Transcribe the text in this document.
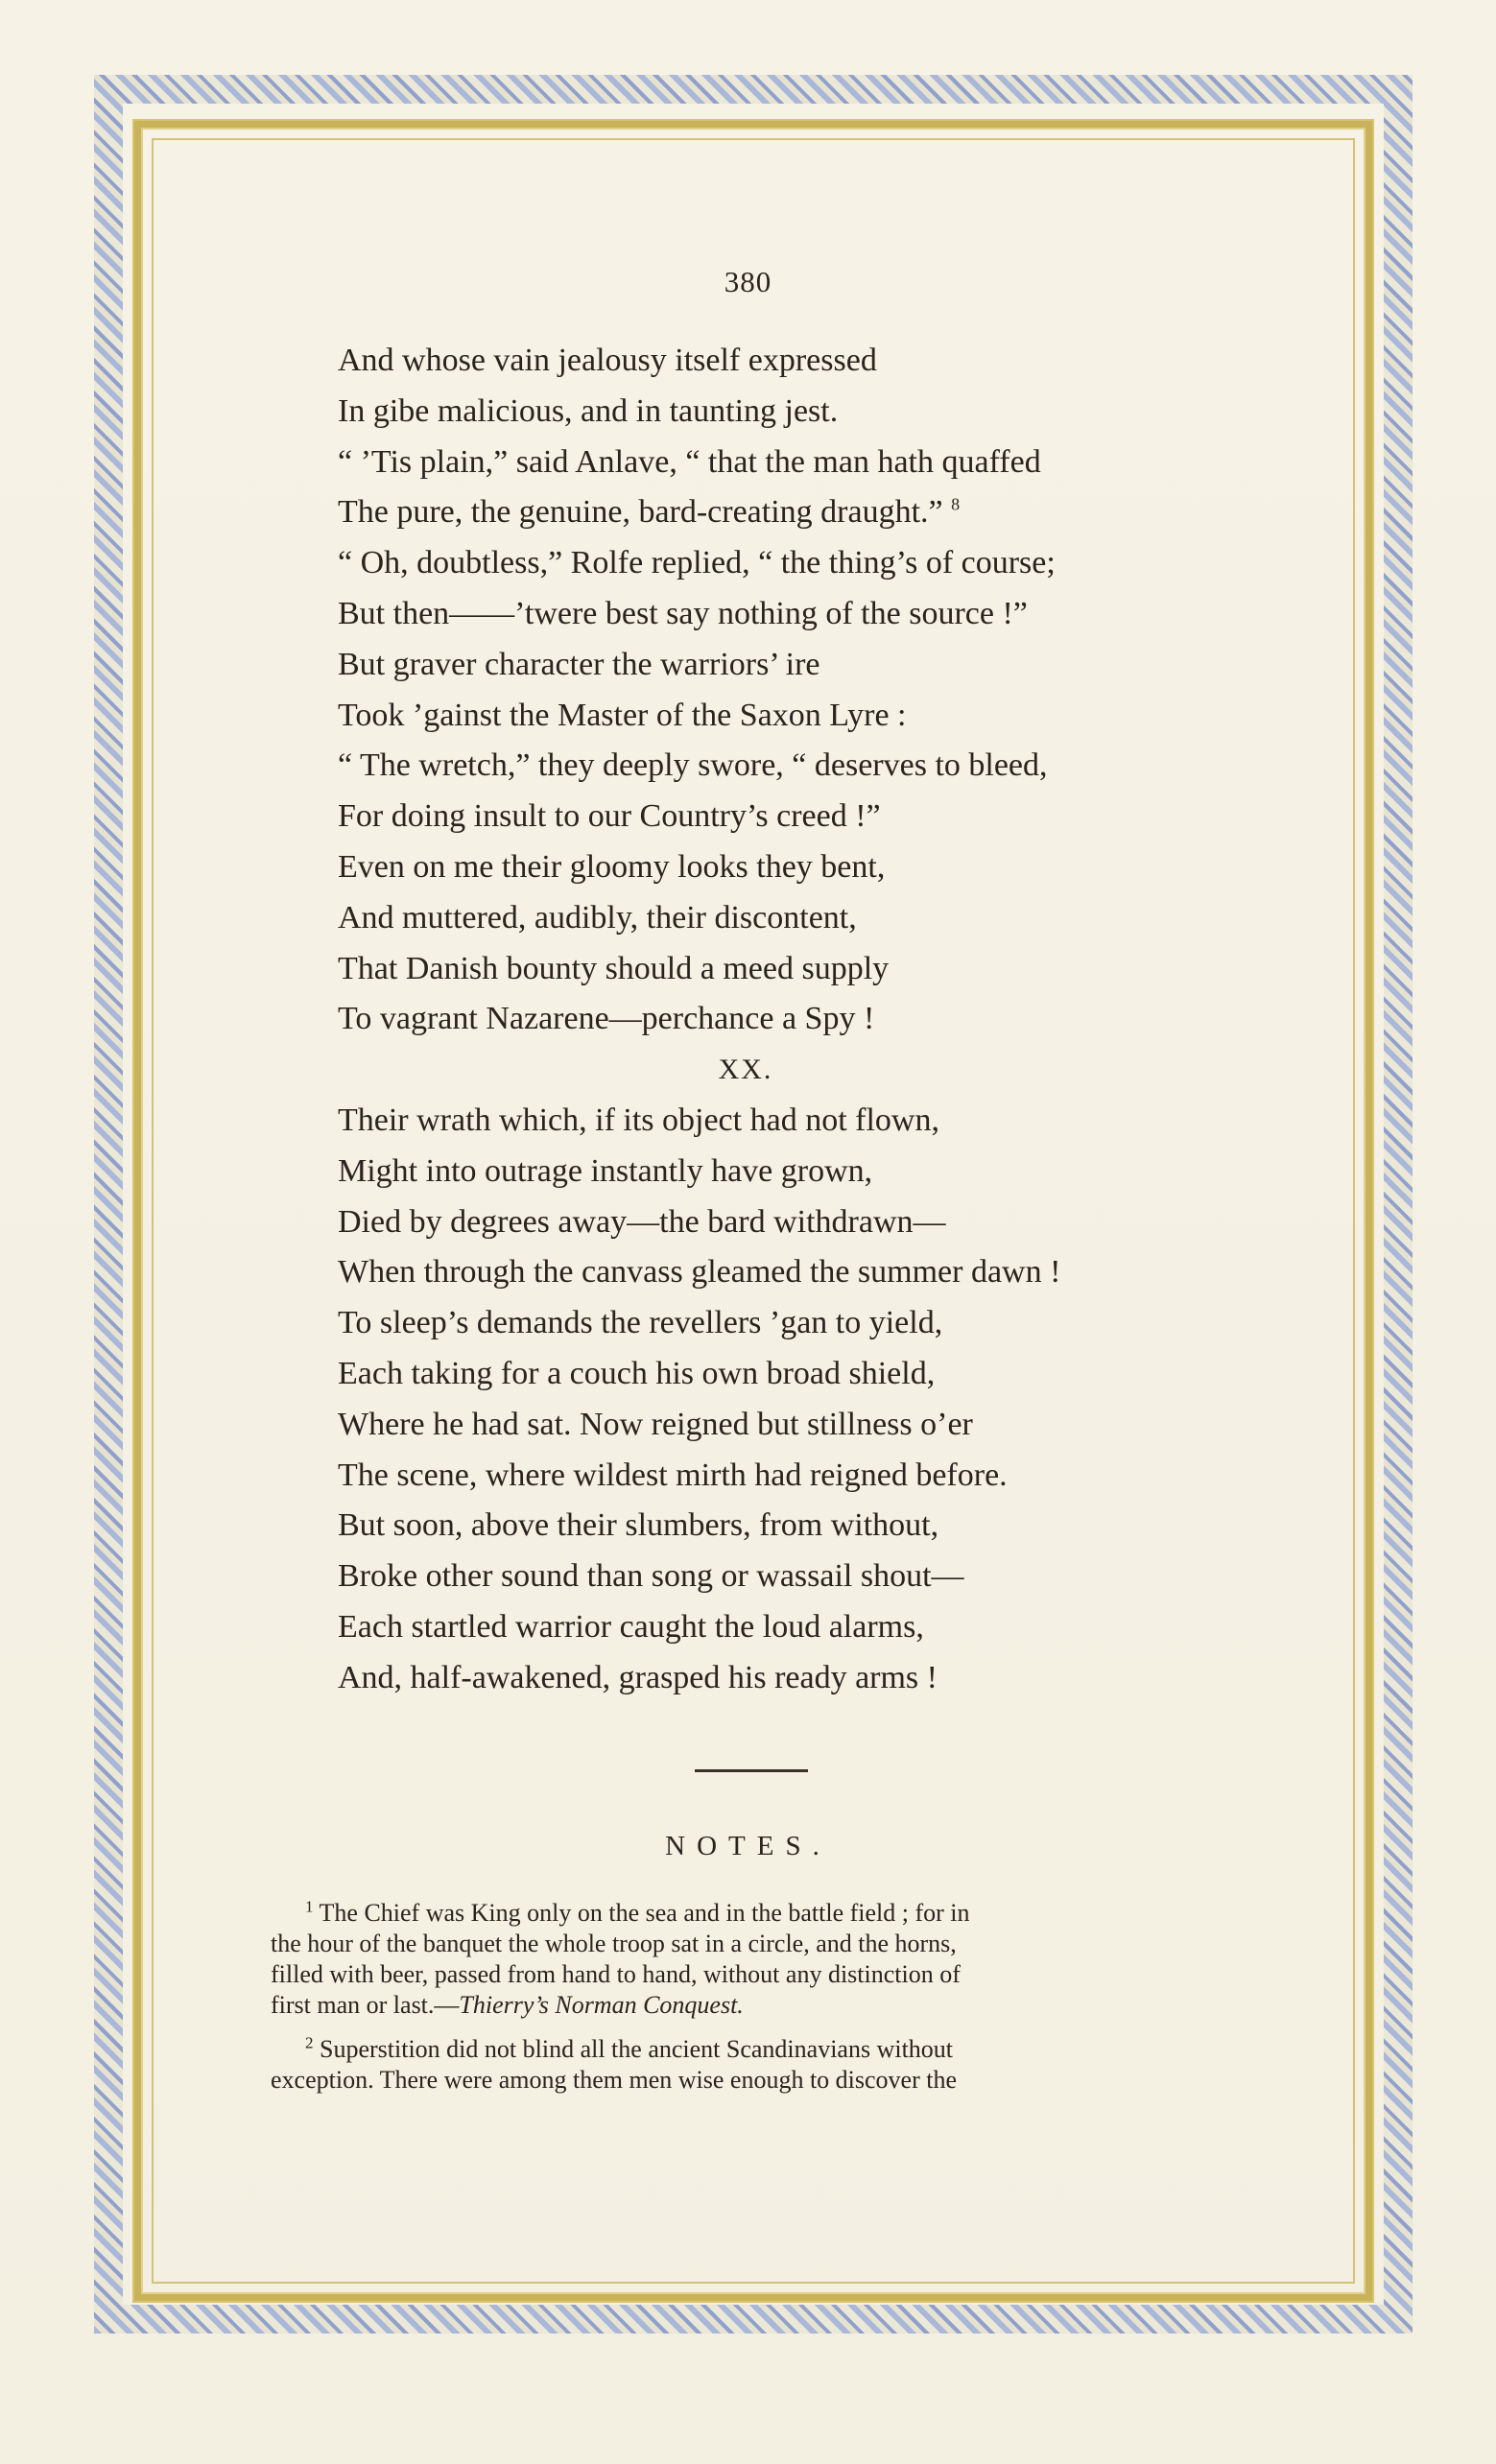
380
And whose vain jealousy itself expressed
In gibe malicious, and in taunting jest.
“ ’Tis plain,” said Anlave, “ that the man hath quaffed
The pure, the genuine, bard-creating draught.” $^8$
“ Oh, doubtless,” Rolfe replied, “ the thing’s of course;
But then——’twere best say nothing of the source !”
But graver character the warriors’ ire
Took ’gainst the Master of the Saxon Lyre :
“ The wretch,” they deeply swore, “ deserves to bleed,
For doing insult to our Country’s creed !”
Even on me their gloomy looks they bent,
And muttered, audibly, their discontent,
That Danish bounty should a meed supply
To vagrant Nazarene—perchance a Spy !
XX.
Their wrath which, if its object had not flown,
Might into outrage instantly have grown,
Died by degrees away—the bard withdrawn—
When through the canvass gleamed the summer dawn !
To sleep’s demands the revellers ’gan to yield,
Each taking for a couch his own broad shield,
Where he had sat. Now reigned but stillness o’er
The scene, where wildest mirth had reigned before.
But soon, above their slumbers, from without,
Broke other sound than song or wassail shout—
Each startled warrior caught the loud alarms,
And, half-awakened, grasped his ready arms !
NOTES.
$^1$ The Chief was King only on the sea and in the battle field ; for in
the hour of the banquet the whole troop sat in a circle, and the horns,
filled with beer, passed from hand to hand, without any distinction of
first man or last.—Thierry’s Norman Conquest.
$^2$ Superstition did not blind all the ancient Scandinavians without
exception. There were among them men wise enough to discover the
